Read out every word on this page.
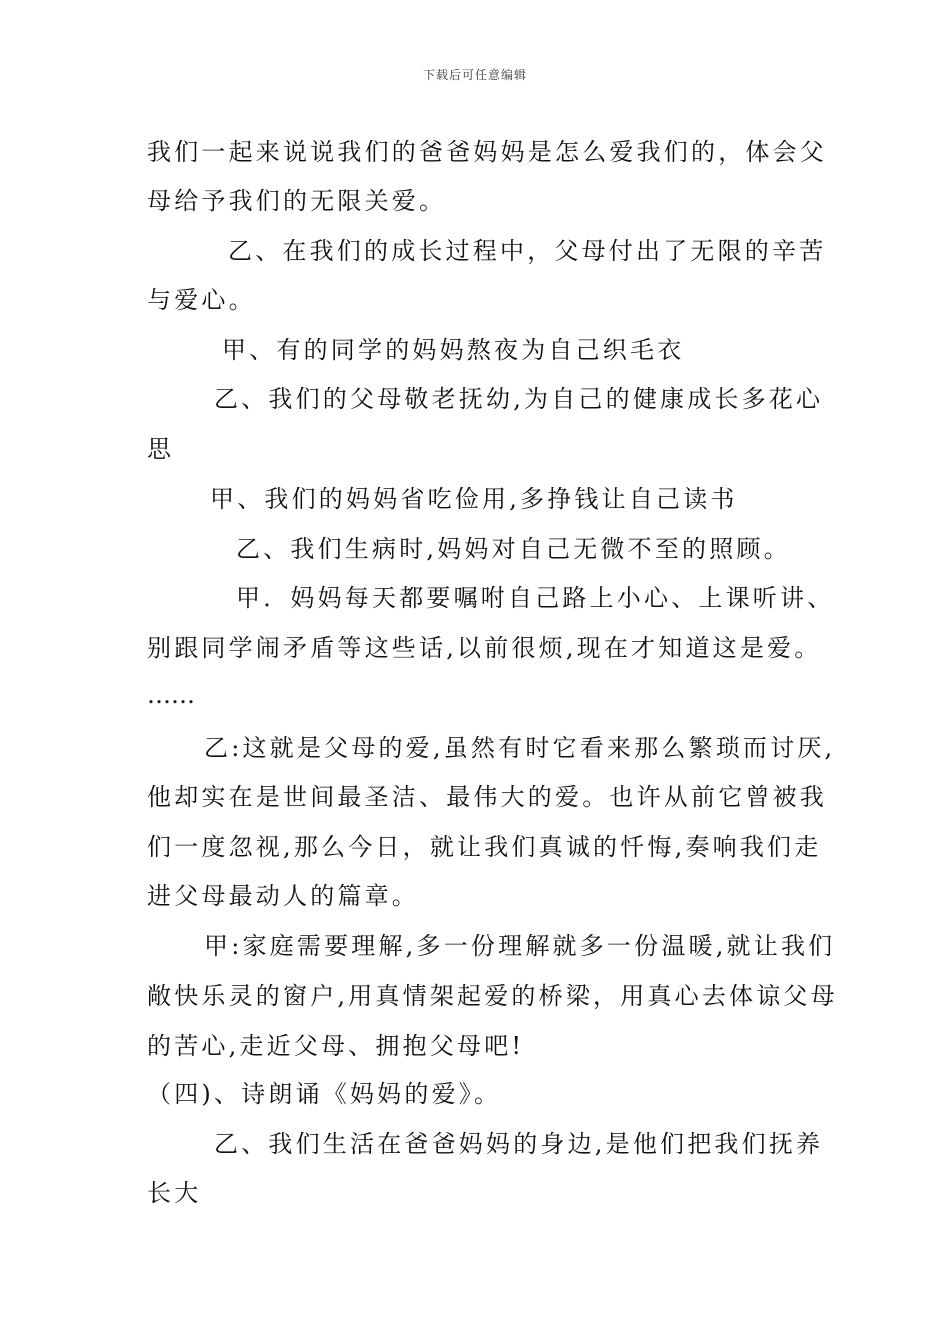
下载后可任意编辑
我们一起来说说我们的爸爸妈妈是怎么爱我们的，体会父
母给予我们的无限关爱。
乙、在我们的成长过程中，父母付出了无限的辛苦
与爱心。
甲、有的同学的妈妈熬夜为自己织毛衣
乙、我们的父母敬老抚幼,为自己的健康成长多花心
思
甲、我们的妈妈省吃俭用,多挣钱让自己读书
乙、我们生病时,妈妈对自己无微不至的照顾。
甲．妈妈每天都要嘱咐自己路上小心、上课听讲、
别跟同学闹矛盾等这些话,以前很烦,现在才知道这是爱。
……
乙:这就是父母的爱,虽然有时它看来那么繁琐而讨厌,
他却实在是世间最圣洁、最伟大的爱。也许从前它曾被我
们一度忽视,那么今日，就让我们真诚的忏悔,奏响我们走
进父母最动人的篇章。
甲:家庭需要理解,多一份理解就多一份温暖,就让我们
敞快乐灵的窗户,用真情架起爱的桥梁，用真心去体谅父母
的苦心,走近父母、拥抱父母吧!
（四)、诗朗诵《妈妈的爱》。
乙、我们生活在爸爸妈妈的身边,是他们把我们抚养
长大
